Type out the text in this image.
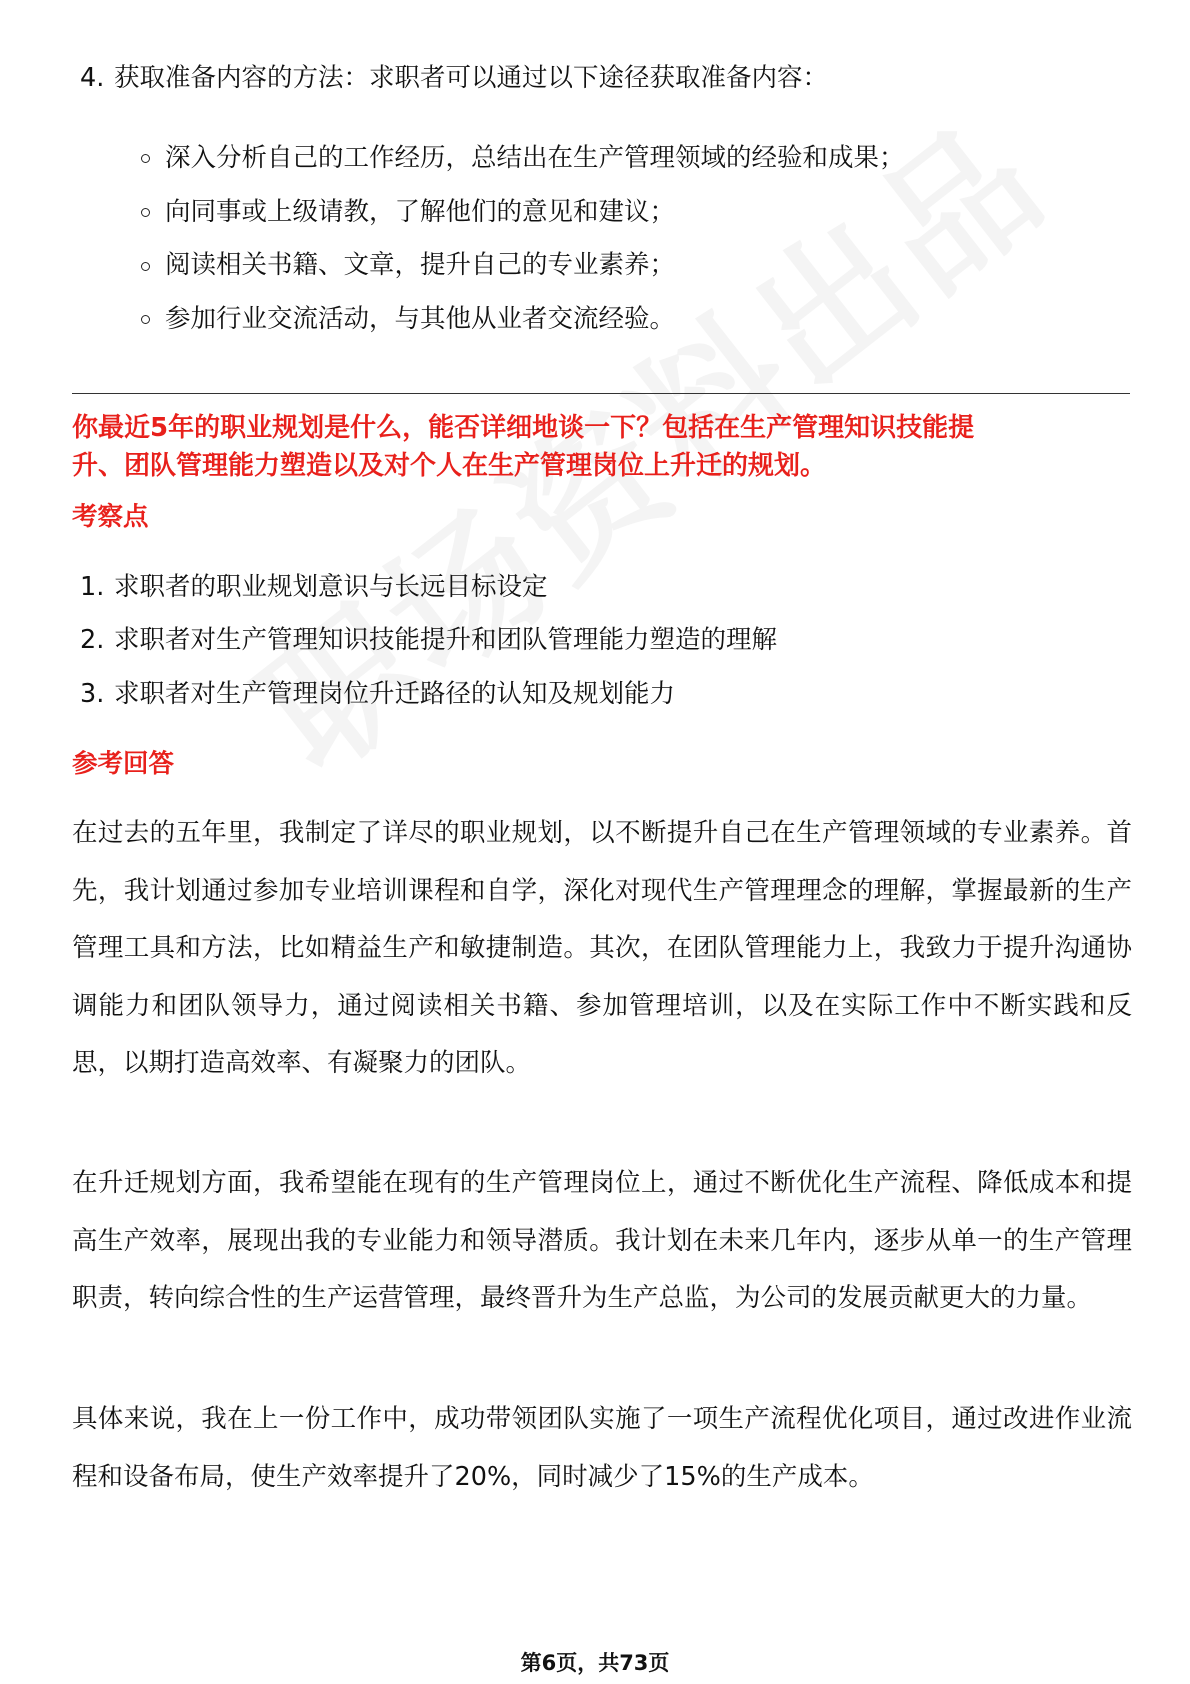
4. 获取准备内容的方法：求职者可以通过以下途径获取准备内容：
深入分析自己的工作经历，总结出在生产管理领域的经验和成果；
向同事或上级请教，了解他们的意见和建议；
阅读相关书籍、文章，提升自己的专业素养；
参加行业交流活动，与其他从业者交流经验。
你最近5年的职业规划是什么，能否详细地谈一下？包括在生产管理知识技能提
升、团队管理能力塑造以及对个人在生产管理岗位上升迁的规划。
考察点
1. 求职者的职业规划意识与长远目标设定
2. 求职者对生产管理知识技能提升和团队管理能力塑造的理解
3. 求职者对生产管理岗位升迁路径的认知及规划能力
参考回答
在过去的五年里，我制定了详尽的职业规划，以不断提升自己在生产管理领域的专业素养。首先，我计划通过参加专业培训课程和自学，深化对现代生产管理理念的理解，掌握最新的生产管理工具和方法，比如精益生产和敏捷制造。其次，在团队管理能力上，我致力于提升沟通协调能力和团队领导力，通过阅读相关书籍、参加管理培训，以及在实际工作中不断实践和反思，以期打造高效率、有凝聚力的团队。
在升迁规划方面，我希望能在现有的生产管理岗位上，通过不断优化生产流程、降低成本和提高生产效率，展现出我的专业能力和领导潜质。我计划在未来几年内，逐步从单一的生产管理职责，转向综合性的生产运营管理，最终晋升为生产总监，为公司的发展贡献更大的力量。
具体来说，我在上一份工作中，成功带领团队实施了一项生产流程优化项目，通过改进作业流程和设备布局，使生产效率提升了20%，同时减少了15%的生产成本。
第6页，共73页
